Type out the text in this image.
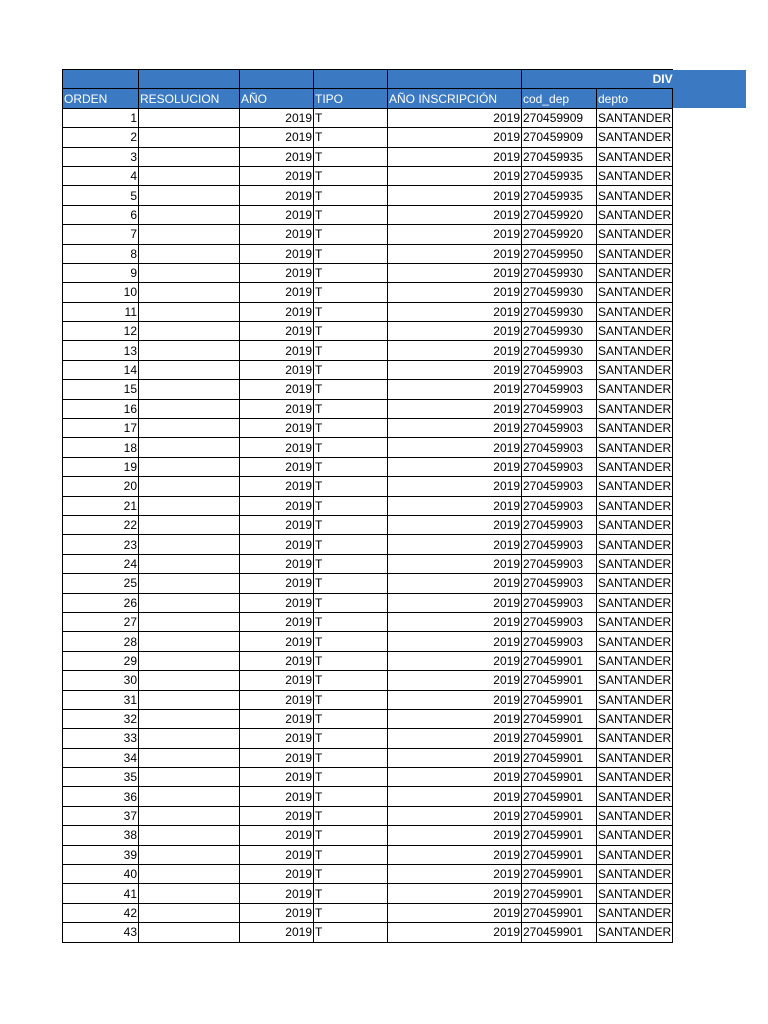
					DIV		
ORDEN	RESOLUCION	AÑO	TIPO	AÑO INSCRIPCIÓN	cod_dep	depto	
1		2019	T	2019	270459909	SANTANDER	
2		2019	T	2019	270459909	SANTANDER	
3		2019	T	2019	270459935	SANTANDER	
4		2019	T	2019	270459935	SANTANDER	
5		2019	T	2019	270459935	SANTANDER	
6		2019	T	2019	270459920	SANTANDER	
7		2019	T	2019	270459920	SANTANDER	
8		2019	T	2019	270459950	SANTANDER	
9		2019	T	2019	270459930	SANTANDER	
10		2019	T	2019	270459930	SANTANDER	
11		2019	T	2019	270459930	SANTANDER	
12		2019	T	2019	270459930	SANTANDER	
13		2019	T	2019	270459930	SANTANDER	
14		2019	T	2019	270459903	SANTANDER	
15		2019	T	2019	270459903	SANTANDER	
16		2019	T	2019	270459903	SANTANDER	
17		2019	T	2019	270459903	SANTANDER	
18		2019	T	2019	270459903	SANTANDER	
19		2019	T	2019	270459903	SANTANDER	
20		2019	T	2019	270459903	SANTANDER	
21		2019	T	2019	270459903	SANTANDER	
22		2019	T	2019	270459903	SANTANDER	
23		2019	T	2019	270459903	SANTANDER	
24		2019	T	2019	270459903	SANTANDER	
25		2019	T	2019	270459903	SANTANDER	
26		2019	T	2019	270459903	SANTANDER	
27		2019	T	2019	270459903	SANTANDER	
28		2019	T	2019	270459903	SANTANDER	
29		2019	T	2019	270459901	SANTANDER	
30		2019	T	2019	270459901	SANTANDER	
31		2019	T	2019	270459901	SANTANDER	
32		2019	T	2019	270459901	SANTANDER	
33		2019	T	2019	270459901	SANTANDER	
34		2019	T	2019	270459901	SANTANDER	
35		2019	T	2019	270459901	SANTANDER	
36		2019	T	2019	270459901	SANTANDER	
37		2019	T	2019	270459901	SANTANDER	
38		2019	T	2019	270459901	SANTANDER	
39		2019	T	2019	270459901	SANTANDER	
40		2019	T	2019	270459901	SANTANDER	
41		2019	T	2019	270459901	SANTANDER	
42		2019	T	2019	270459901	SANTANDER	
43		2019	T	2019	270459901	SANTANDER	
